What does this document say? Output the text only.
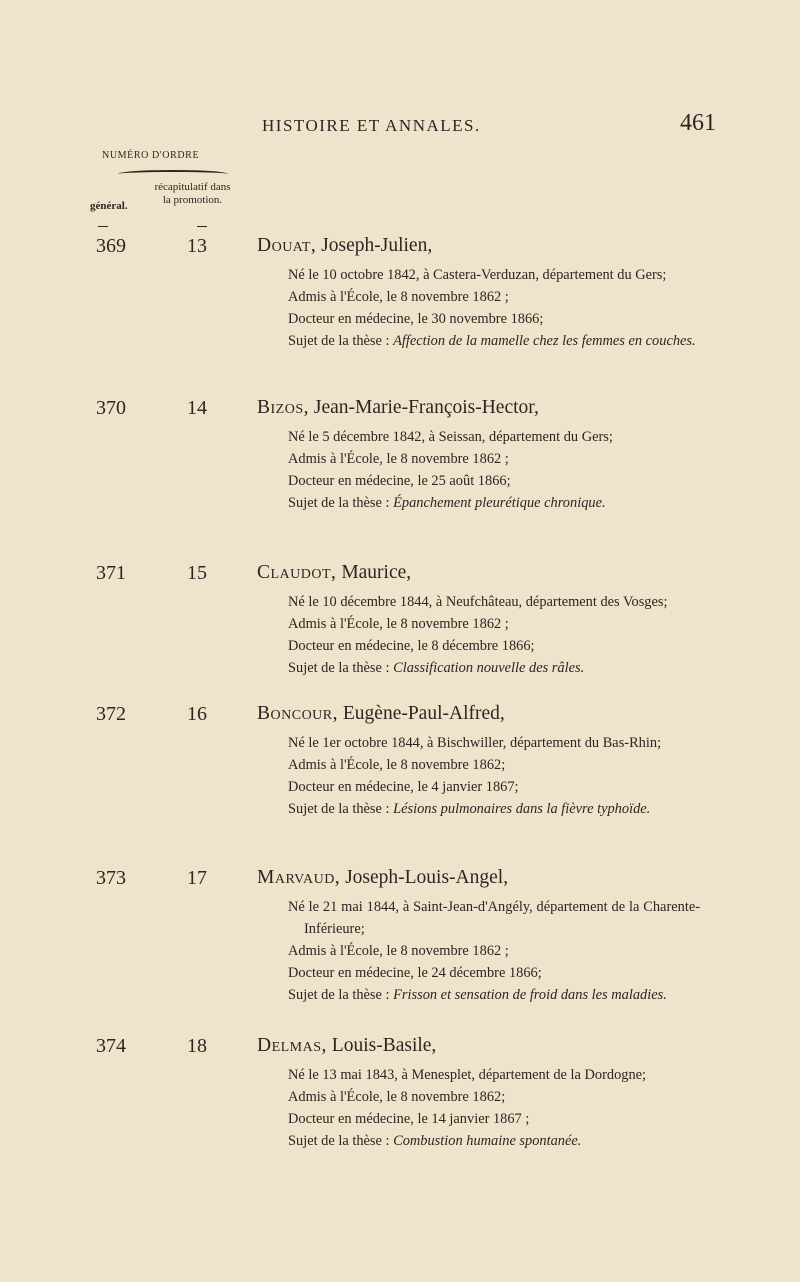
HISTOIRE ET ANNALES.	461
NUMÉRO D'ORDRE
général.
récapitulatif dans la promotion.
369	13	Douat, Joseph-Julien,
Né le 10 octobre 1842, à Castera-Verduzan, département du Gers;
Admis à l'École, le 8 novembre 1862 ;
Docteur en médecine, le 30 novembre 1866;
Sujet de la thèse : Affection de la mamelle chez les femmes en couches.
370	14	Bizos, Jean-Marie-François-Hector,
Né le 5 décembre 1842, à Seissan, département du Gers;
Admis à l'École, le 8 novembre 1862 ;
Docteur en médecine, le 25 août 1866;
Sujet de la thèse : Épanchement pleurétique chronique.
371	15	Claudot, Maurice,
Né le 10 décembre 1844, à Neufchâteau, département des Vosges;
Admis à l'École, le 8 novembre 1862 ;
Docteur en médecine, le 8 décembre 1866;
Sujet de la thèse : Classification nouvelle des râles.
372	16	Boncour, Eugène-Paul-Alfred,
Né le 1er octobre 1844, à Bischwiller, département du Bas-Rhin;
Admis à l'École, le 8 novembre 1862;
Docteur en médecine, le 4 janvier 1867;
Sujet de la thèse : Lésions pulmonaires dans la fièvre typhoïde.
373	17	Marvaud, Joseph-Louis-Angel,
Né le 21 mai 1844, à Saint-Jean-d'Angély, département de la Charente-Inférieure;
Admis à l'École, le 8 novembre 1862 ;
Docteur en médecine, le 24 décembre 1866;
Sujet de la thèse : Frisson et sensation de froid dans les maladies.
374	18	Delmas, Louis-Basile,
Né le 13 mai 1843, à Menesplet, département de la Dordogne;
Admis à l'École, le 8 novembre 1862;
Docteur en médecine, le 14 janvier 1867 ;
Sujet de la thèse : Combustion humaine spontanée.
